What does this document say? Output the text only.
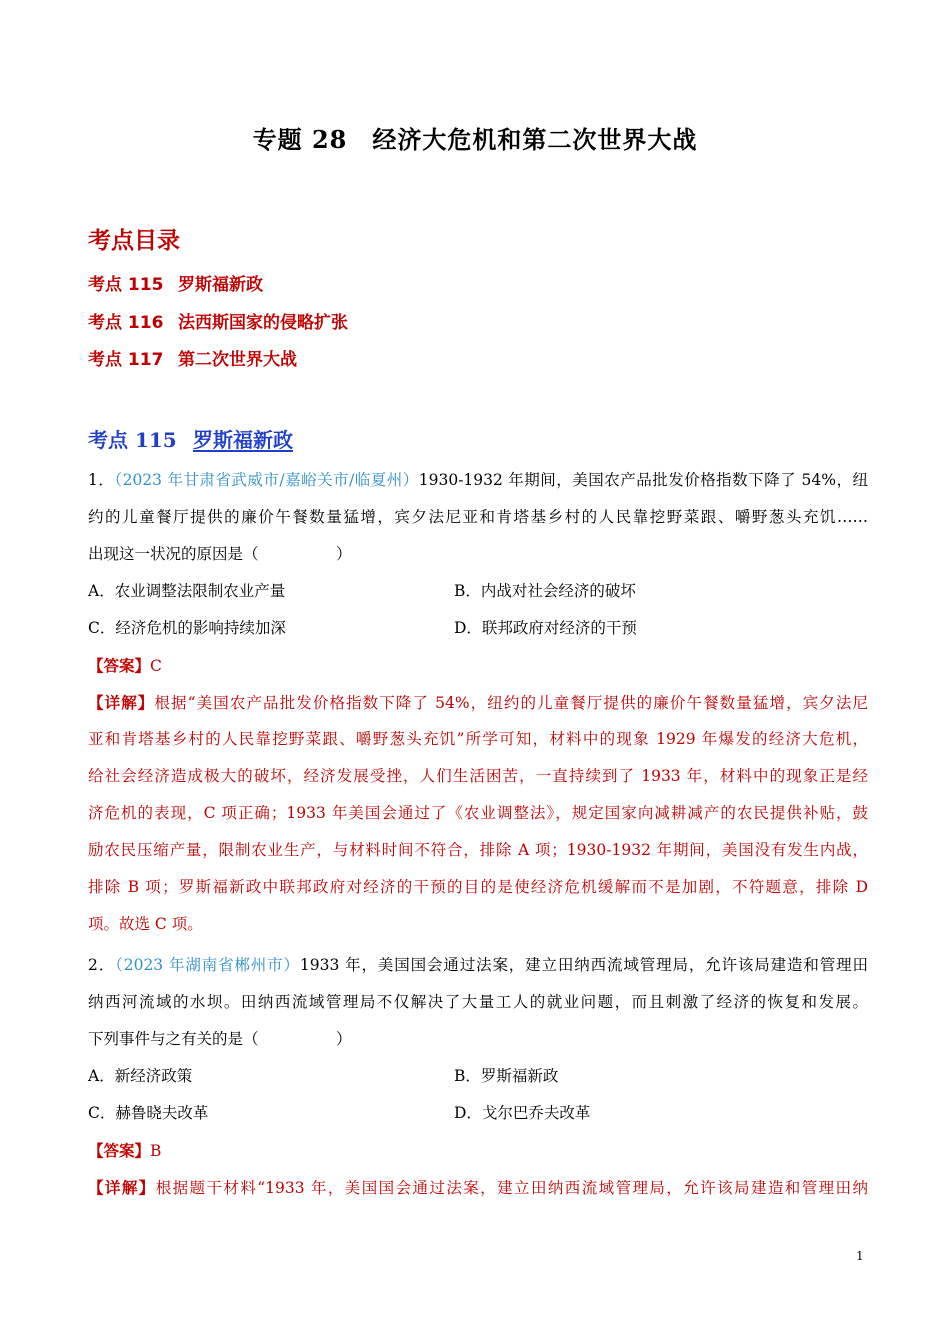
专题 28　经济大危机和第二次世界大战
考点目录
考点 115 罗斯福新政
考点 116 法西斯国家的侵略扩张
考点 117 第二次世界大战
考点 115 罗斯福新政
1．（2023 年甘肃省武威市/嘉峪关市/临夏州）1930-1932 年期间，美国农产品批发价格指数下降了 54%，纽
约的儿童餐厅提供的廉价午餐数量猛增，宾夕法尼亚和肯塔基乡村的人民靠挖野菜跟、嚼野葱头充饥……
出现这一状况的原因是（　　　　　）
A．农业调整法限制农业产量	B．内战对社会经济的破坏
C．经济危机的影响持续加深	D．联邦政府对经济的干预
【答案】C
【详解】根据“美国农产品批发价格指数下降了 54%，纽约的儿童餐厅提供的廉价午餐数量猛增，宾夕法尼
亚和肯塔基乡村的人民靠挖野菜跟、嚼野葱头充饥”所学可知，材料中的现象 1929 年爆发的经济大危机，
给社会经济造成极大的破坏，经济发展受挫，人们生活困苦，一直持续到了 1933 年，材料中的现象正是经
济危机的表现，C 项正确；1933 年美国会通过了《农业调整法》，规定国家向减耕减产的农民提供补贴，鼓
励农民压缩产量，限制农业生产，与材料时间不符合，排除 A 项；1930-1932 年期间，美国没有发生内战，
排除 B 项；罗斯福新政中联邦政府对经济的干预的目的是使经济危机缓解而不是加剧，不符题意，排除 D
项。故选 C 项。
2．（2023 年湖南省郴州市）1933 年，美国国会通过法案，建立田纳西流域管理局，允许该局建造和管理田
纳西河流域的水坝。田纳西流域管理局不仅解决了大量工人的就业问题，而且刺激了经济的恢复和发展。
下列事件与之有关的是（　　　　　）
A．新经济政策	B．罗斯福新政
C．赫鲁晓夫改革	D．戈尔巴乔夫改革
【答案】B
【详解】根据题干材料“1933 年，美国国会通过法案，建立田纳西流域管理局，允许该局建造和管理田纳
1
